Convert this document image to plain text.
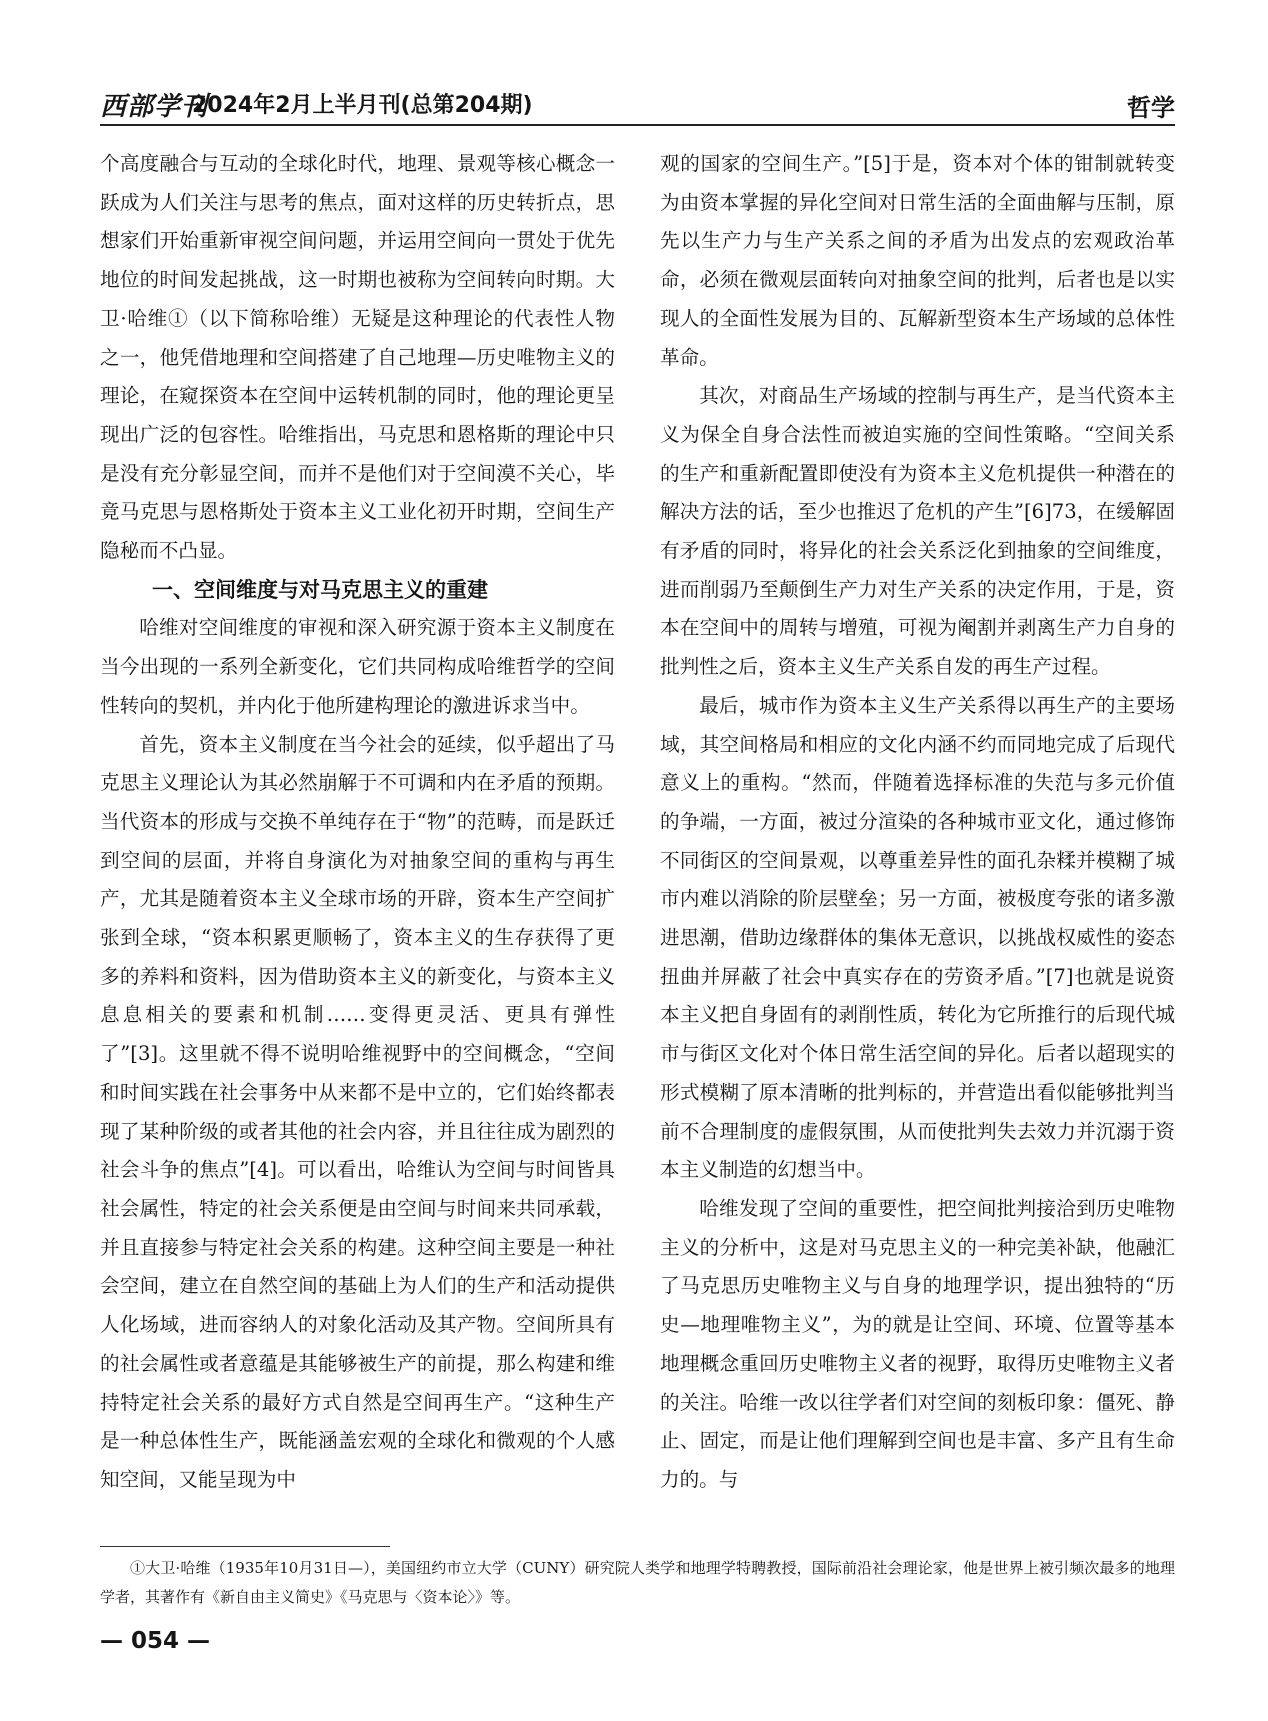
西部学刊
2024年2月上半月刊(总第204期)	哲学

个高度融合与互动的全球化时代，地理、景观等核心概念一跃成为人们关注与思考的焦点，面对这样的历史转折点，思想家们开始重新审视空间问题，并运用空间向一贯处于优先地位的时间发起挑战，这一时期也被称为空间转向时期。大卫·哈维①（以下简称哈维）无疑是这种理论的代表性人物之一，他凭借地理和空间搭建了自己地理—历史唯物主义的理论，在窥探资本在空间中运转机制的同时，他的理论更呈现出广泛的包容性。哈维指出，马克思和恩格斯的理论中只是没有充分彰显空间，而并不是他们对于空间漠不关心，毕竟马克思与恩格斯处于资本主义工业化初开时期，空间生产隐秘而不凸显。

一、空间维度与对马克思主义的重建

哈维对空间维度的审视和深入研究源于资本主义制度在当今出现的一系列全新变化，它们共同构成哈维哲学的空间性转向的契机，并内化于他所建构理论的激进诉求当中。

首先，资本主义制度在当今社会的延续，似乎超出了马克思主义理论认为其必然崩解于不可调和内在矛盾的预期。当代资本的形成与交换不单纯存在于“物”的范畴，而是跃迁到空间的层面，并将自身演化为对抽象空间的重构与再生产，尤其是随着资本主义全球市场的开辟，资本生产空间扩张到全球，“资本积累更顺畅了，资本主义的生存获得了更多的养料和资料，因为借助资本主义的新变化，与资本主义息息相关的要素和机制……变得更灵活、更具有弹性了”[3]。这里就不得不说明哈维视野中的空间概念，“空间和时间实践在社会事务中从来都不是中立的，它们始终都表现了某种阶级的或者其他的社会内容，并且往往成为剧烈的社会斗争的焦点”[4]。可以看出，哈维认为空间与时间皆具社会属性，特定的社会关系便是由空间与时间来共同承载，并且直接参与特定社会关系的构建。这种空间主要是一种社会空间，建立在自然空间的基础上为人们的生产和活动提供人化场域，进而容纳人的对象化活动及其产物。空间所具有的社会属性或者意蕴是其能够被生产的前提，那么构建和维持特定社会关系的最好方式自然是空间再生产。“这种生产是一种总体性生产，既能涵盖宏观的全球化和微观的个人感知空间，又能呈现为中

观的国家的空间生产。”[5]于是，资本对个体的钳制就转变为由资本掌握的异化空间对日常生活的全面曲解与压制，原先以生产力与生产关系之间的矛盾为出发点的宏观政治革命，必须在微观层面转向对抽象空间的批判，后者也是以实现人的全面性发展为目的、瓦解新型资本生产场域的总体性革命。

其次，对商品生产场域的控制与再生产，是当代资本主义为保全自身合法性而被迫实施的空间性策略。“空间关系的生产和重新配置即使没有为资本主义危机提供一种潜在的解决方法的话，至少也推迟了危机的产生”[6]73，在缓解固有矛盾的同时，将异化的社会关系泛化到抽象的空间维度，进而削弱乃至颠倒生产力对生产关系的决定作用，于是，资本在空间中的周转与增殖，可视为阉割并剥离生产力自身的批判性之后，资本主义生产关系自发的再生产过程。

最后，城市作为资本主义生产关系得以再生产的主要场域，其空间格局和相应的文化内涵不约而同地完成了后现代意义上的重构。“然而，伴随着选择标准的失范与多元价值的争端，一方面，被过分渲染的各种城市亚文化，通过修饰不同街区的空间景观，以尊重差异性的面孔杂糅并模糊了城市内难以消除的阶层壁垒；另一方面，被极度夸张的诸多激进思潮，借助边缘群体的集体无意识，以挑战权威性的姿态扭曲并屏蔽了社会中真实存在的劳资矛盾。”[7]也就是说资本主义把自身固有的剥削性质，转化为它所推行的后现代城市与街区文化对个体日常生活空间的异化。后者以超现实的形式模糊了原本清晰的批判标的，并营造出看似能够批判当前不合理制度的虚假氛围，从而使批判失去效力并沉溺于资本主义制造的幻想当中。

哈维发现了空间的重要性，把空间批判接洽到历史唯物主义的分析中，这是对马克思主义的一种完美补缺，他融汇了马克思历史唯物主义与自身的地理学识，提出独特的“历史—地理唯物主义”，为的就是让空间、环境、位置等基本地理概念重回历史唯物主义者的视野，取得历史唯物主义者的关注。哈维一改以往学者们对空间的刻板印象：僵死、静止、固定，而是让他们理解到空间也是丰富、多产且有生命力的。与

①大卫·哈维（1935年10月31日—），美国纽约市立大学（CUNY）研究院人类学和地理学特聘教授，国际前沿社会理论家，他是世界上被引频次最多的地理学者，其著作有《新自由主义简史》《马克思与〈资本论〉》等。
— 054 —
